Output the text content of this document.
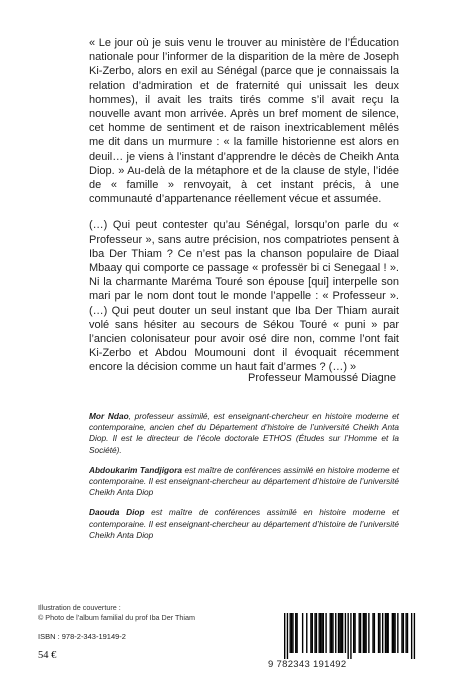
« Le jour où je suis venu le trouver au ministère de l’Éducation nationale pour l’informer de la disparition de la mère de Joseph Ki-Zerbo, alors en exil au Sénégal (parce que je connaissais la relation d’admiration et de fraternité qui unissait les deux hommes), il avait les traits tirés comme s’il avait reçu la nouvelle avant mon arrivée. Après un bref moment de silence, cet homme de sentiment et de raison inextricablement mêlés me dit dans un murmure : « la famille historienne est alors en deuil… je viens à l’instant d’apprendre le décès de Cheikh Anta Diop. » Au-delà de la métaphore et de la clause de style, l’idée de « famille » renvoyait, à cet instant précis, à une communauté d’appartenance réellement vécue et assumée.

(…) Qui peut contester qu’au Sénégal, lorsqu’on parle du « Professeur », sans autre précision, nos compatriotes pensent à Iba Der Thiam ? Ce n’est pas la chanson populaire de Diaal Mbaay qui comporte ce passage « professër bi ci Senegaal ! ». Ni la charmante Maréma Touré son épouse [qui] interpelle son mari par le nom dont tout le monde l’appelle : « Professeur ». (…) Qui peut douter un seul instant que Iba Der Thiam aurait volé sans hésiter au secours de Sékou Touré « puni » par l’ancien colonisateur pour avoir osé dire non, comme l’ont fait Ki-Zerbo et Abdou Moumouni dont il évoquait récemment encore la décision comme un haut fait d’armes ? (…) »

Professeur Mamoussé Diagne
Mor Ndao, professeur assimilé, est enseignant-chercheur en histoire moderne et contemporaine, ancien chef du Département d’histoire de l’université Cheikh Anta Diop. Il est le directeur de l’école doctorale ETHOS (Études sur l’Homme et la Société).
Abdoukarim Tandjigora est maître de conférences assimilé en histoire moderne et contemporaine. Il est enseignant-chercheur au département d’histoire de l’université Cheikh Anta Diop
Daouda Diop est maître de conférences assimilé en histoire moderne et contemporaine. Il est enseignant-chercheur au département d’histoire de l’université Cheikh Anta Diop
Illustration de couverture :
© Photo de l’album familial du prof Iba Der Thiam
ISBN : 978-2-343-19149-2
54 €
9 782343 191492
